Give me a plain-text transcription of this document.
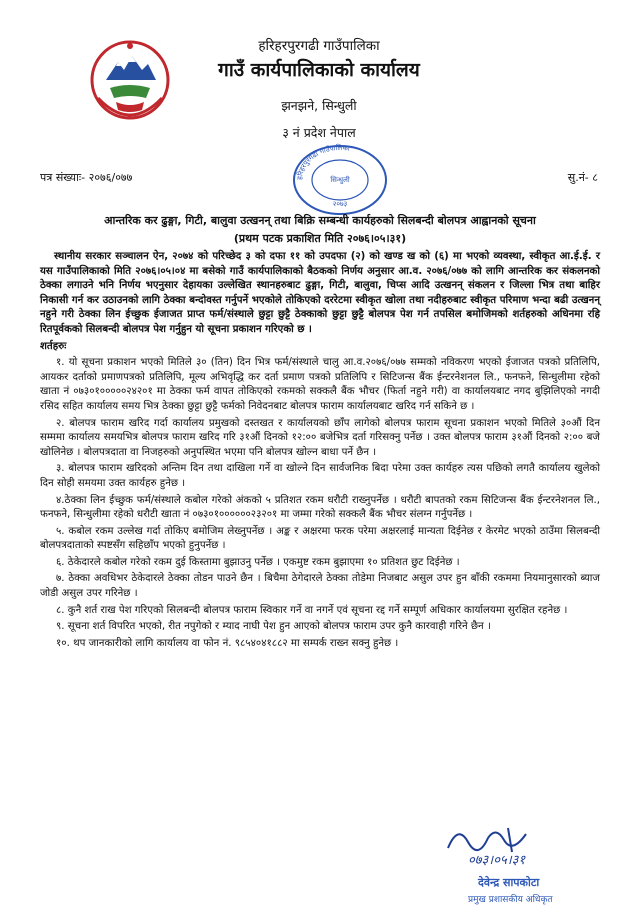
हरिहरपुरगढी गाउँपालिका
गाउँ कार्यपालिकाको कार्यालय
झनझने, सिन्धुली
३ नं प्रदेश नेपाल
पत्र संख्याः- २०७६/०७७	सु.नं- ८
हरिहरपुरगढी गाउँपालिका
सिन्धुली
२०७३
आन्तरिक कर ढुङ्गा, गिटी, बालुवा उत्खनन् तथा बिक्रि सम्बन्धी कार्यहरुको सिलबन्दी बोलपत्र आह्वानको सूचना
(प्रथम पटक प्रकाशित मिति २०७६।०५।३१)

स्थानीय सरकार सञ्चालन ऐन, २०७४ को परिच्छेद ३ को दफा ११ को उपदफा (२) को खण्ड ख को (६) मा भएको व्यवस्था, स्वीकृत आ.ई.ई. र यस गाउँपालिकाको मिति २०७६।०५।०४ मा बसेको गाउँ कार्यपालिकाको बैठकको निर्णय अनुसार आ.व. २०७६/०७७ को लागि आन्तरिक कर संकलनको ठेक्का लगाउने भनि निर्णय भएनुसार देहायका उल्लेखित स्थानहरुबाट ढुङ्गा, गिटी, बालुवा, चिप्स आदि उत्खनन् संकलन र जिल्ला भित्र तथा बाहिर निकासी गर्न कर उठाउनको लागि ठेक्का बन्दोवस्त गर्नुपर्ने भएकोले तोकिएको दररेटमा स्वीकृत खोला तथा नदीहरुबाट स्वीकृत परिमाण भन्दा बढी उत्खनन् नहुने गरी ठेक्का लिन ईच्छुक ईजाजत प्राप्त फर्म/संस्थाले छुट्टा छुट्टै ठेक्काको छुट्टा छुट्टै बोलपत्र पेश गर्न तपसिल बमोजिमको शर्तहरुको अधिनमा रहि रितपूर्वकको सिलबन्दी बोलपत्र पेश गर्नुहुन यो सूचना प्रकाशन गरिएको छ ।

शर्तहरुः

१. यो सूचना प्रकाशन भएको मितिले ३० (तिन) दिन भित्र फर्म/संस्थाले चालु आ.व.२०७६/०७७ सम्मको नविकरण भएको ईजाजत पत्रको प्रतिलिपि, आयकर दर्ताको प्रमाणपत्रको प्रतिलिपि, मूल्य अभिवृद्धि कर दर्ता प्रमाण पत्रको प्रतिलिपि र सिटिजन्स बैंक ईन्टरनेशनल लि., फनफने, सिन्धुलीमा रहेको खाता नं ०७३०१०००००२४२०१ मा ठेक्का फर्म वापत तोकिएको रकमको सक्कलै बैंक भौचर (फिर्ता नहुने गरी) वा कार्यालयबाट नगद बुझिलिएको नगदी रसिद सहित कार्यालय समय भित्र ठेक्का छुट्टा छुट्टै फर्मको निवेदनबाट बोलपत्र फाराम कार्यालयबाट खरिद गर्न सकिने छ ।

२. बोलपत्र फाराम खरिद गर्दा कार्यालय प्रमुखको दस्तखत र कार्यालयको छाँप लागेको बोलपत्र फाराम सूचना प्रकाशन भएको मितिले ३०औं दिन सम्ममा कार्यालय समयभित्र बोलपत्र फाराम खरिद गरि ३१औं दिनको १२:०० बजेभित्र दर्ता गरिसक्नु पर्नेछ । उक्त बोलपत्र फाराम ३१औं दिनको २:०० बजे खोलिनेछ । बोलपत्रदाता वा निजहरुको अनुपस्थित भएमा पनि बोलपत्र खोल्न बाधा पर्ने छैन ।

३. बोलपत्र फाराम खरिदको अन्तिम दिन तथा दाखिला गर्ने वा खोल्ने दिन सार्वजनिक बिदा परेमा उक्त कार्यहरु त्यस पछिको लगतै कार्यालय खुलेको दिन सोही समयमा उक्त कार्यहरु हुनेछ ।

४.ठेक्का लिन ईच्छुक फर्म/संस्थाले कबोल गरेको अंकको ५ प्रतिशत रकम धरौटी राख्नुपर्नेछ । धरौटी बापतको रकम सिटिजन्स बैंक ईन्टरनेशनल लि., फनफने, सिन्धुलीमा रहेको धरौटी खाता नं ०७३०१००००००२३२०१ मा जम्मा गरेको सक्कलै बैंक भौचर संलग्न गर्नुपर्नेछ ।

५. कबोल रकम उल्लेख गर्दा तोकिए बमोजिम लेख्नुपर्नेछ । अङ्क र अक्षरमा फरक परेमा अक्षरलाई मान्यता दिईनेछ र केरमेट भएको ठाउँमा सिलबन्दी बोलपत्रदाताको स्पष्टसँग सहिछाँप भएको हुनुपर्नेछ ।

६. ठेकेदारले कबोल गरेको रकम दुई किस्तामा बुझाउनु पर्नेछ । एकमुष्ट रकम बुझाएमा १० प्रतिशत छुट दिईनेछ ।

७. ठेक्का अवधिभर ठेकेदारले ठेक्का तोडन पाउने छैन । बिचैमा ठेगेदारले ठेक्का तोडेमा निजबाट असुल उपर हुन बाँकी रकममा नियमानुसारको ब्याज जोडी असुल उपर गरिनेछ ।

८. कुनै शर्त राख पेश गरिएको सिलबन्दी बोलपत्र फाराम स्विकार गर्ने वा नगर्ने एवं सूचना रद्द गर्ने सम्पूर्ण अधिकार कार्यालयमा सुरक्षित रहनेछ ।

९. सूचना शर्त विपरित भएको, रीत नपुगेको र म्याद नाघी पेश हुन आएको बोलपत्र फाराम उपर कुनै कारवाही गरिने छैन ।

१०. थप जानकारीको लागि कार्यालय वा फोन नं. ९८५४०४१८८२ मा सम्पर्क राख्न सक्नु हुनेछ ।

०७३।०५।३१
देवेन्द्र सापकोटा
प्रमुख प्रशासकीय अधिकृत
